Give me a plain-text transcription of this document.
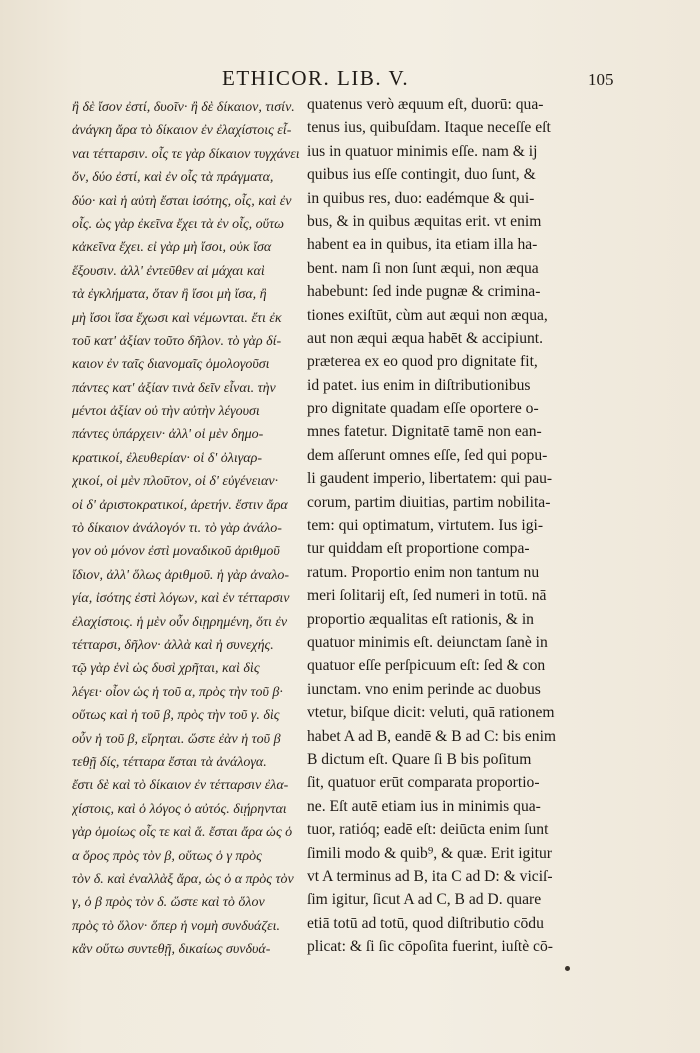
ETHICOR. LIB. V.	105
ἢ δὲ ἴσον ἐστί, δυοῖν· ἢ δὲ δίκαιον, τισίν.
ἀνάγκη ἄρα τὸ δίκαιον ἐν ἐλαχίστοις εἶ-
ναι τέτταρσιν. οἷς τε γὰρ δίκαιον τυγχάνει
ὄν, δύο ἐστί, καὶ ἐν οἷς τὰ πράγματα,
δύο· καὶ ἡ αὐτὴ ἔσται ἰσότης, οἷς, καὶ ἐν
οἷς. ὡς γὰρ ἐκεῖνα ἔχει τὰ ἐν οἷς, οὕτω
κἀκεῖνα ἔχει. εἰ γὰρ μὴ ἴσοι, οὐκ ἴσα
ἕξουσιν. ἀλλ' ἐντεῦθεν αἱ μάχαι καὶ
τὰ ἐγκλήματα, ὅταν ἢ ἴσοι μὴ ἴσα, ἢ
μὴ ἴσοι ἴσα ἔχωσι καὶ νέμωνται. ἔτι ἐκ
τοῦ κατ' ἀξίαν τοῦτο δῆλον. τὸ γὰρ δί-
καιον ἐν ταῖς διανομαῖς ὁμολογοῦσι
πάντες κατ' ἀξίαν τινὰ δεῖν εἶναι. τὴν
μέντοι ἀξίαν οὐ τὴν αὐτὴν λέγουσι
πάντες ὑπάρχειν· ἀλλ' οἱ μὲν δημο-
κρατικοί, ἐλευθερίαν· οἱ δ' ὀλιγαρ-
χικοί, οἱ μὲν πλοῦτον, οἱ δ' εὐγένειαν·
οἱ δ' ἀριστοκρατικοί, ἀρετήν. ἔστιν ἄρα
τὸ δίκαιον ἀνάλογόν τι. τὸ γὰρ ἀνάλο-
γον οὐ μόνον ἐστὶ μοναδικοῦ ἀριθμοῦ
ἴδιον, ἀλλ' ὅλως ἀριθμοῦ. ἡ γὰρ ἀναλο-
γία, ἰσότης ἐστὶ λόγων, καὶ ἐν τέτταρσιν
ἐλαχίστοις. ἡ μὲν οὖν διῃρημένη, ὅτι ἐν
τέτταρσι, δῆλον· ἀλλὰ καὶ ἡ συνεχής.
τῷ γὰρ ἑνὶ ὡς δυσὶ χρῆται, καὶ δὶς
λέγει· οἷον ὡς ἡ τοῦ α, πρὸς τὴν τοῦ β·
οὕτως καὶ ἡ τοῦ β, πρὸς τὴν τοῦ γ. δὶς
οὖν ἡ τοῦ β, εἴρηται. ὥστε ἐὰν ἡ τοῦ β
τεθῇ δίς, τέτταρα ἔσται τὰ ἀνάλογα.
ἔστι δὲ καὶ τὸ δίκαιον ἐν τέτταρσιν ἐλα-
χίστοις, καὶ ὁ λόγος ὁ αὐτός. διῄρηνται
γὰρ ὁμοίως οἷς τε καὶ ἅ. ἔσται ἄρα ὡς ὁ
α ὅρος πρὸς τὸν β, οὕτως ὁ γ πρὸς
τὸν δ. καὶ ἐναλλὰξ ἄρα, ὡς ὁ α πρὸς τὸν
γ, ὁ β πρὸς τὸν δ. ὥστε καὶ τὸ ὅλον
πρὸς τὸ ὅλον· ὅπερ ἡ νομὴ συνδυάζει.
κἂν οὕτω συντεθῇ, δικαίως συνδυά-
quatenus verò æquum eſt, duorū: qua-
tenus ius, quibuſdam. Itaque neceſſe eſt
ius in quatuor minimis eſſe. nam & ij
quibus ius eſſe contingit, duo ſunt, &
in quibus res, duo: eadémque & qui-
bus, & in quibus æquitas erit. vt enim
habent ea in quibus, ita etiam illa ha-
bent. nam ſi non ſunt æqui, non æqua
habebunt: ſed inde pugnæ & crimina-
tiones exiſtūt, cùm aut æqui non æqua,
aut non æqui æqua habēt & accipiunt.
præterea ex eo quod pro dignitate fit,
id patet. ius enim in diſtributionibus
pro dignitate quadam eſſe oportere o-
mnes fatetur. Dignitatē tamē non ean-
dem aſſerunt omnes eſſe, ſed qui popu-
li gaudent imperio, libertatem: qui pau-
corum, partim diuitias, partim nobilita-
tem: qui optimatum, virtutem. Ius igi-
tur quiddam eſt proportione compa-
ratum. Proportio enim non tantum nu
meri ſolitarij eſt, ſed numeri in totū. nā
proportio æqualitas eſt rationis, & in
quatuor minimis eſt. deiunctam ſanè in
quatuor eſſe perſpicuum eſt: ſed & con
iunctam. vno enim perinde ac duobus
vtetur, biſque dicit: veluti, quā rationem
habet A ad B, eandē & B ad C: bis enim
B dictum eſt. Quare ſi B bis poſitum
ſit, quatuor erūt comparata proportio-
ne. Eſt autē etiam ius in minimis qua-
tuor, ratióq; eadē eſt: deiūcta enim ſunt
ſimili modo & quib⁹, & quæ. Erit igitur
vt A terminus ad B, ita C ad D: & viciſ-
ſim igitur, ſicut A ad C, B ad D. quare
etiā totū ad totū, quod diſtributio cōdu
plicat: & ſi ſic cōpoſita fuerint, iuſtè cō-
